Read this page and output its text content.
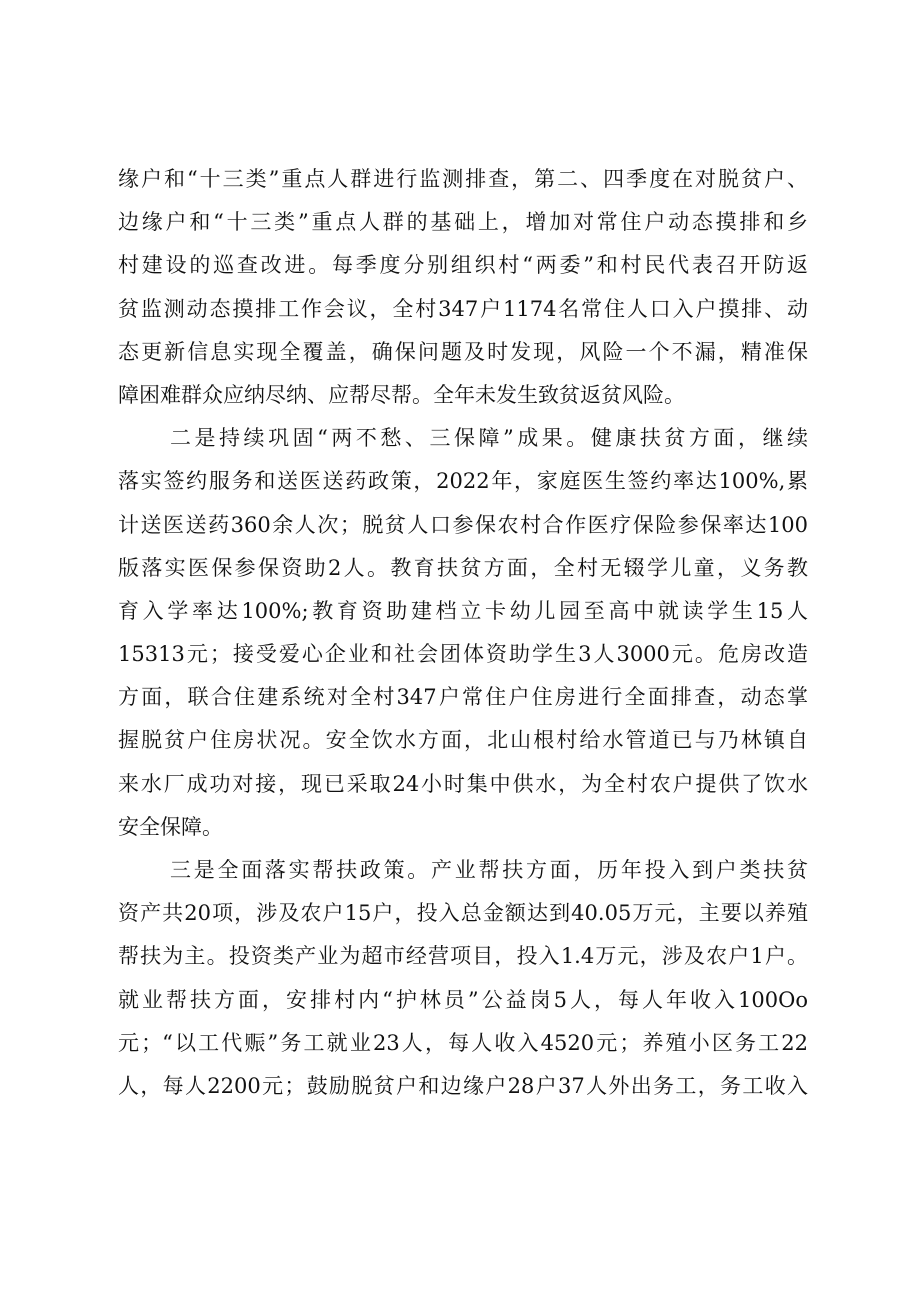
缘户和“十三类”重点人群进行监测排查，第二、四季度在对脱贫户、
边缘户和“十三类”重点人群的基础上，增加对常住户动态摸排和乡
村建设的巡查改进。每季度分别组织村“两委”和村民代表召开防返
贫监测动态摸排工作会议，全村347户1174名常住人口入户摸排、动
态更新信息实现全覆盖，确保问题及时发现，风险一个不漏，精准保
障困难群众应纳尽纳、应帮尽帮。全年未发生致贫返贫风险。
二是持续巩固“两不愁、三保障”成果。健康扶贫方面，继续
落实签约服务和送医送药政策，2022年，家庭医生签约率达100%,累
计送医送药360余人次；脱贫人口参保农村合作医疗保险参保率达100
版落实医保参保资助2人。教育扶贫方面，全村无辍学儿童，义务教
育入学率达100%;教育资助建档立卡幼儿园至高中就读学生15人
15313元；接受爱心企业和社会团体资助学生3人3000元。危房改造
方面，联合住建系统对全村347户常住户住房进行全面排查，动态掌
握脱贫户住房状况。安全饮水方面，北山根村给水管道已与乃林镇自
来水厂成功对接，现已采取24小时集中供水，为全村农户提供了饮水
安全保障。
三是全面落实帮扶政策。产业帮扶方面，历年投入到户类扶贫
资产共20项，涉及农户15户，投入总金额达到40.05万元，主要以养殖
帮扶为主。投资类产业为超市经营项目，投入1.4万元，涉及农户1户。
就业帮扶方面，安排村内“护林员”公益岗5人，每人年收入100Oo
元；“以工代赈”务工就业23人，每人收入4520元；养殖小区务工22
人，每人2200元；鼓励脱贫户和边缘户28户37人外出务工，务工收入
